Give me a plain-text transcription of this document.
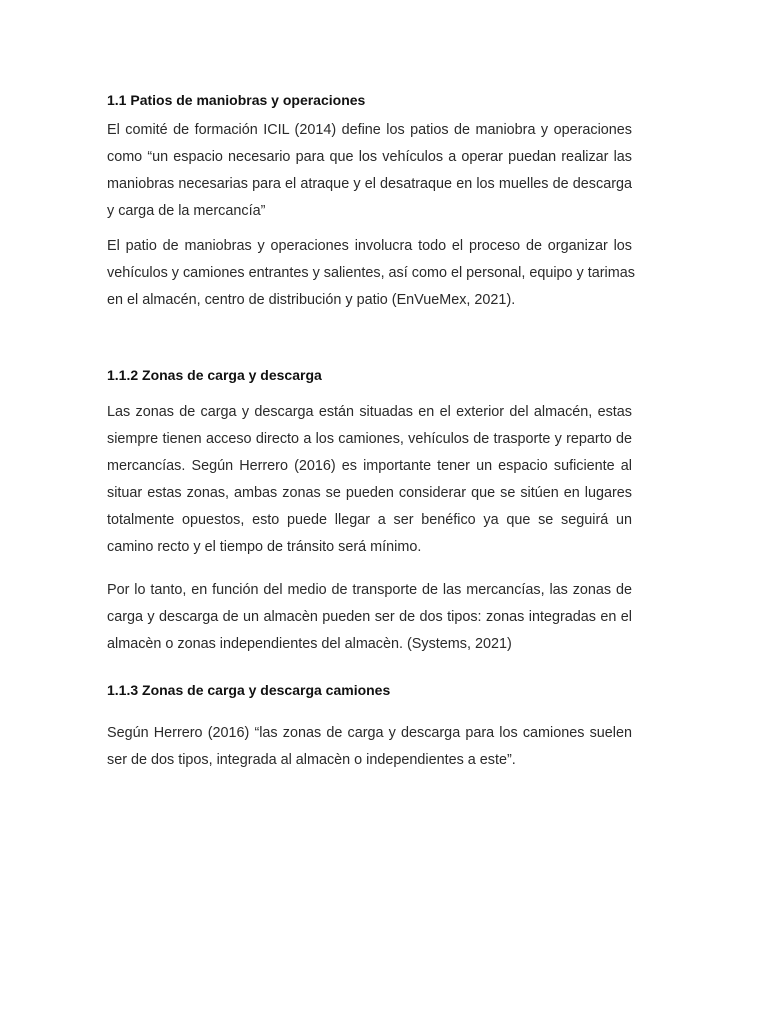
1.1 Patios de maniobras y operaciones

El comité de formación ICIL (2014) define los patios de maniobra y operaciones
como “un espacio necesario para que los vehículos a operar puedan realizar las
maniobras necesarias para el atraque y el desatraque en los muelles de descarga
y carga de la mercancía”

El patio de maniobras y operaciones involucra todo el proceso de organizar los
vehículos y camiones entrantes y salientes, así como el personal, equipo y tarimas
en el almacén, centro de distribución y patio (EnVueMex, 2021).

1.1.2 Zonas de carga y descarga

Las zonas de carga y descarga están situadas en el exterior del almacén, estas
siempre tienen acceso directo a los camiones, vehículos de trasporte y reparto de
mercancías. Según Herrero (2016) es importante tener un espacio suficiente al
situar estas zonas, ambas zonas se pueden considerar que se sitúen en lugares
totalmente opuestos, esto puede llegar a ser benéfico ya que se seguirá un
camino recto y el tiempo de tránsito será mínimo.

Por lo tanto, en función del medio de transporte de las mercancías, las zonas de
carga y descarga de un almacèn pueden ser de dos tipos: zonas integradas en el
almacèn o zonas independientes del almacèn. (Systems, 2021)

1.1.3 Zonas de carga y descarga camiones

Según Herrero (2016) “las zonas de carga y descarga para los camiones suelen
ser de dos tipos, integrada al almacèn o independientes a este”.
